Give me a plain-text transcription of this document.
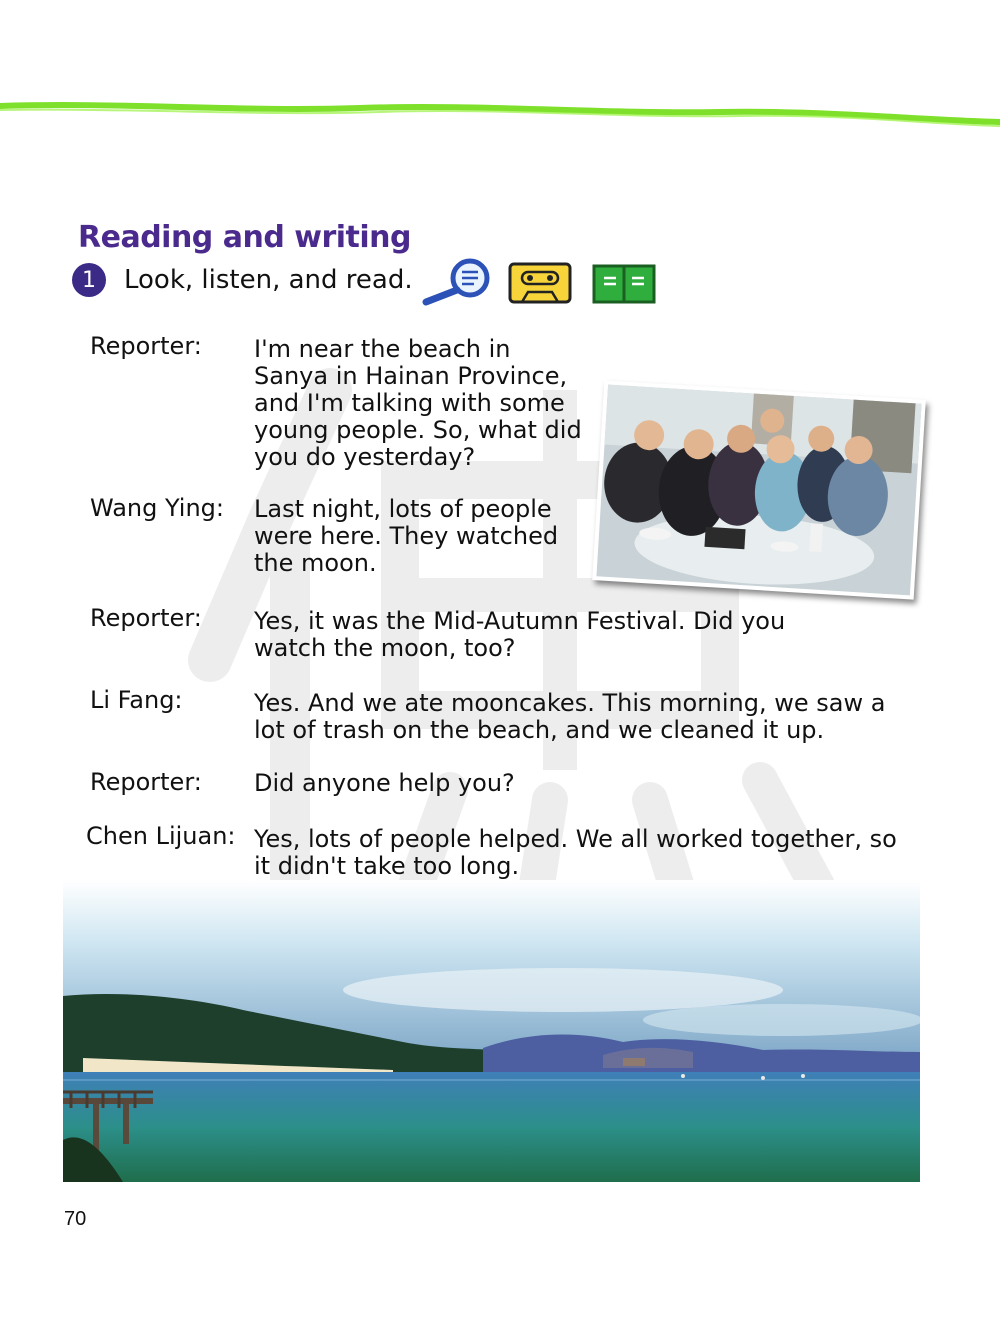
Reading and writing
1	Look, listen, and read.
Reporter: I'm near the beach in Sanya in Hainan Province, and I'm talking with some young people. So, what did you do yesterday?
Wang Ying: Last night, lots of people were here. They watched the moon.
Reporter: Yes, it was the Mid-Autumn Festival. Did you watch the moon, too?
Li Fang:	Yes. And we ate mooncakes. This morning, we saw a lot of trash on the beach, and we cleaned it up.
Reporter: Did anyone help you?
Chen Lijuan: Yes, lots of people helped. We all worked together, so it didn't take too long.
70
